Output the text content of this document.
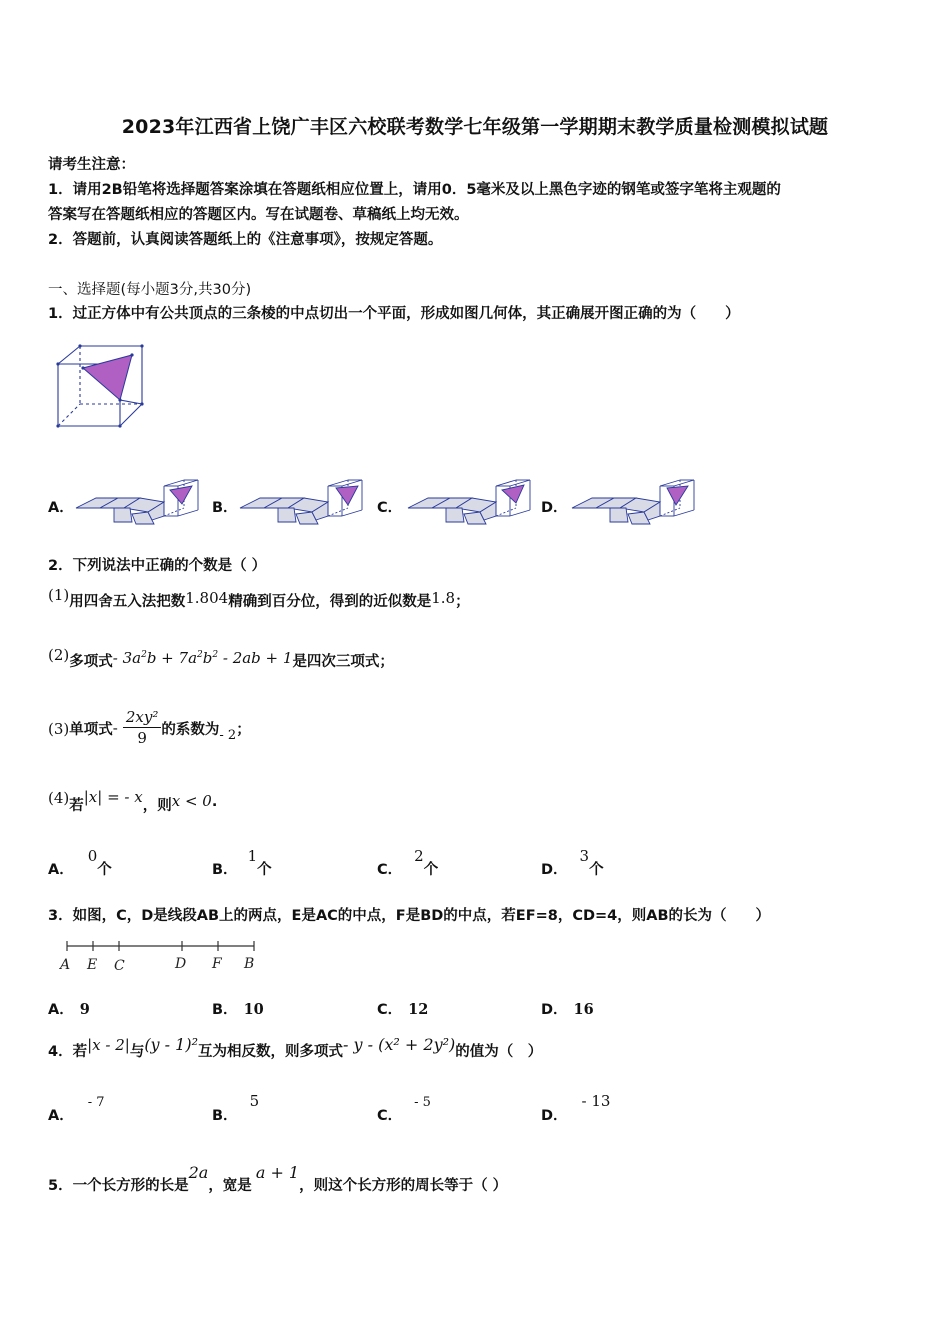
2023年江西省上饶广丰区六校联考数学七年级第一学期期末教学质量检测模拟试题
请考生注意：
1．请用2B铅笔将选择题答案涂填在答题纸相应位置上，请用0．5毫米及以上黑色字迹的钢笔或签字笔将主观题的
答案写在答题纸相应的答题区内。写在试题卷、草稿纸上均无效。
2．答题前，认真阅读答题纸上的《注意事项》，按规定答题。
一、选择题(每小题3分,共30分)
1．过正方体中有公共顶点的三条棱的中点切出一个平面，形成如图几何体，其正确展开图正确的为（　　）
A．	B．	C．	D．
2．下列说法中正确的个数是（ ）
(1)用四舍五入法把数1.804精确到百分位，得到的近似数是1.8；
(2)多项式- $3a^2b + 7a^2b^2 - 2ab + 1$是四次三项式；
(3)单项式- $\frac{\text{2xy²}}{9}$ 的系数为- 2；
(4)若|x| = - x，则x < 0.
A．0个	B．1个	C．2个	D．3个
3．如图，C，D是线段AB上的两点，E是AC的中点，F是BD的中点，若EF=8，CD=4，则AB的长为（　　）
A E C	D F B
A． 9	B． 10	C． 12	D． 16
4．若|x - 2|与(y - 1)²互为相反数，则多项式- y - (x² + 2y²)的值为（　）
A．- 7
B．5
C．- 5
D．- 13
5．一个长方形的长是2a，宽是a + 1，则这个长方形的周长等于（ ）
